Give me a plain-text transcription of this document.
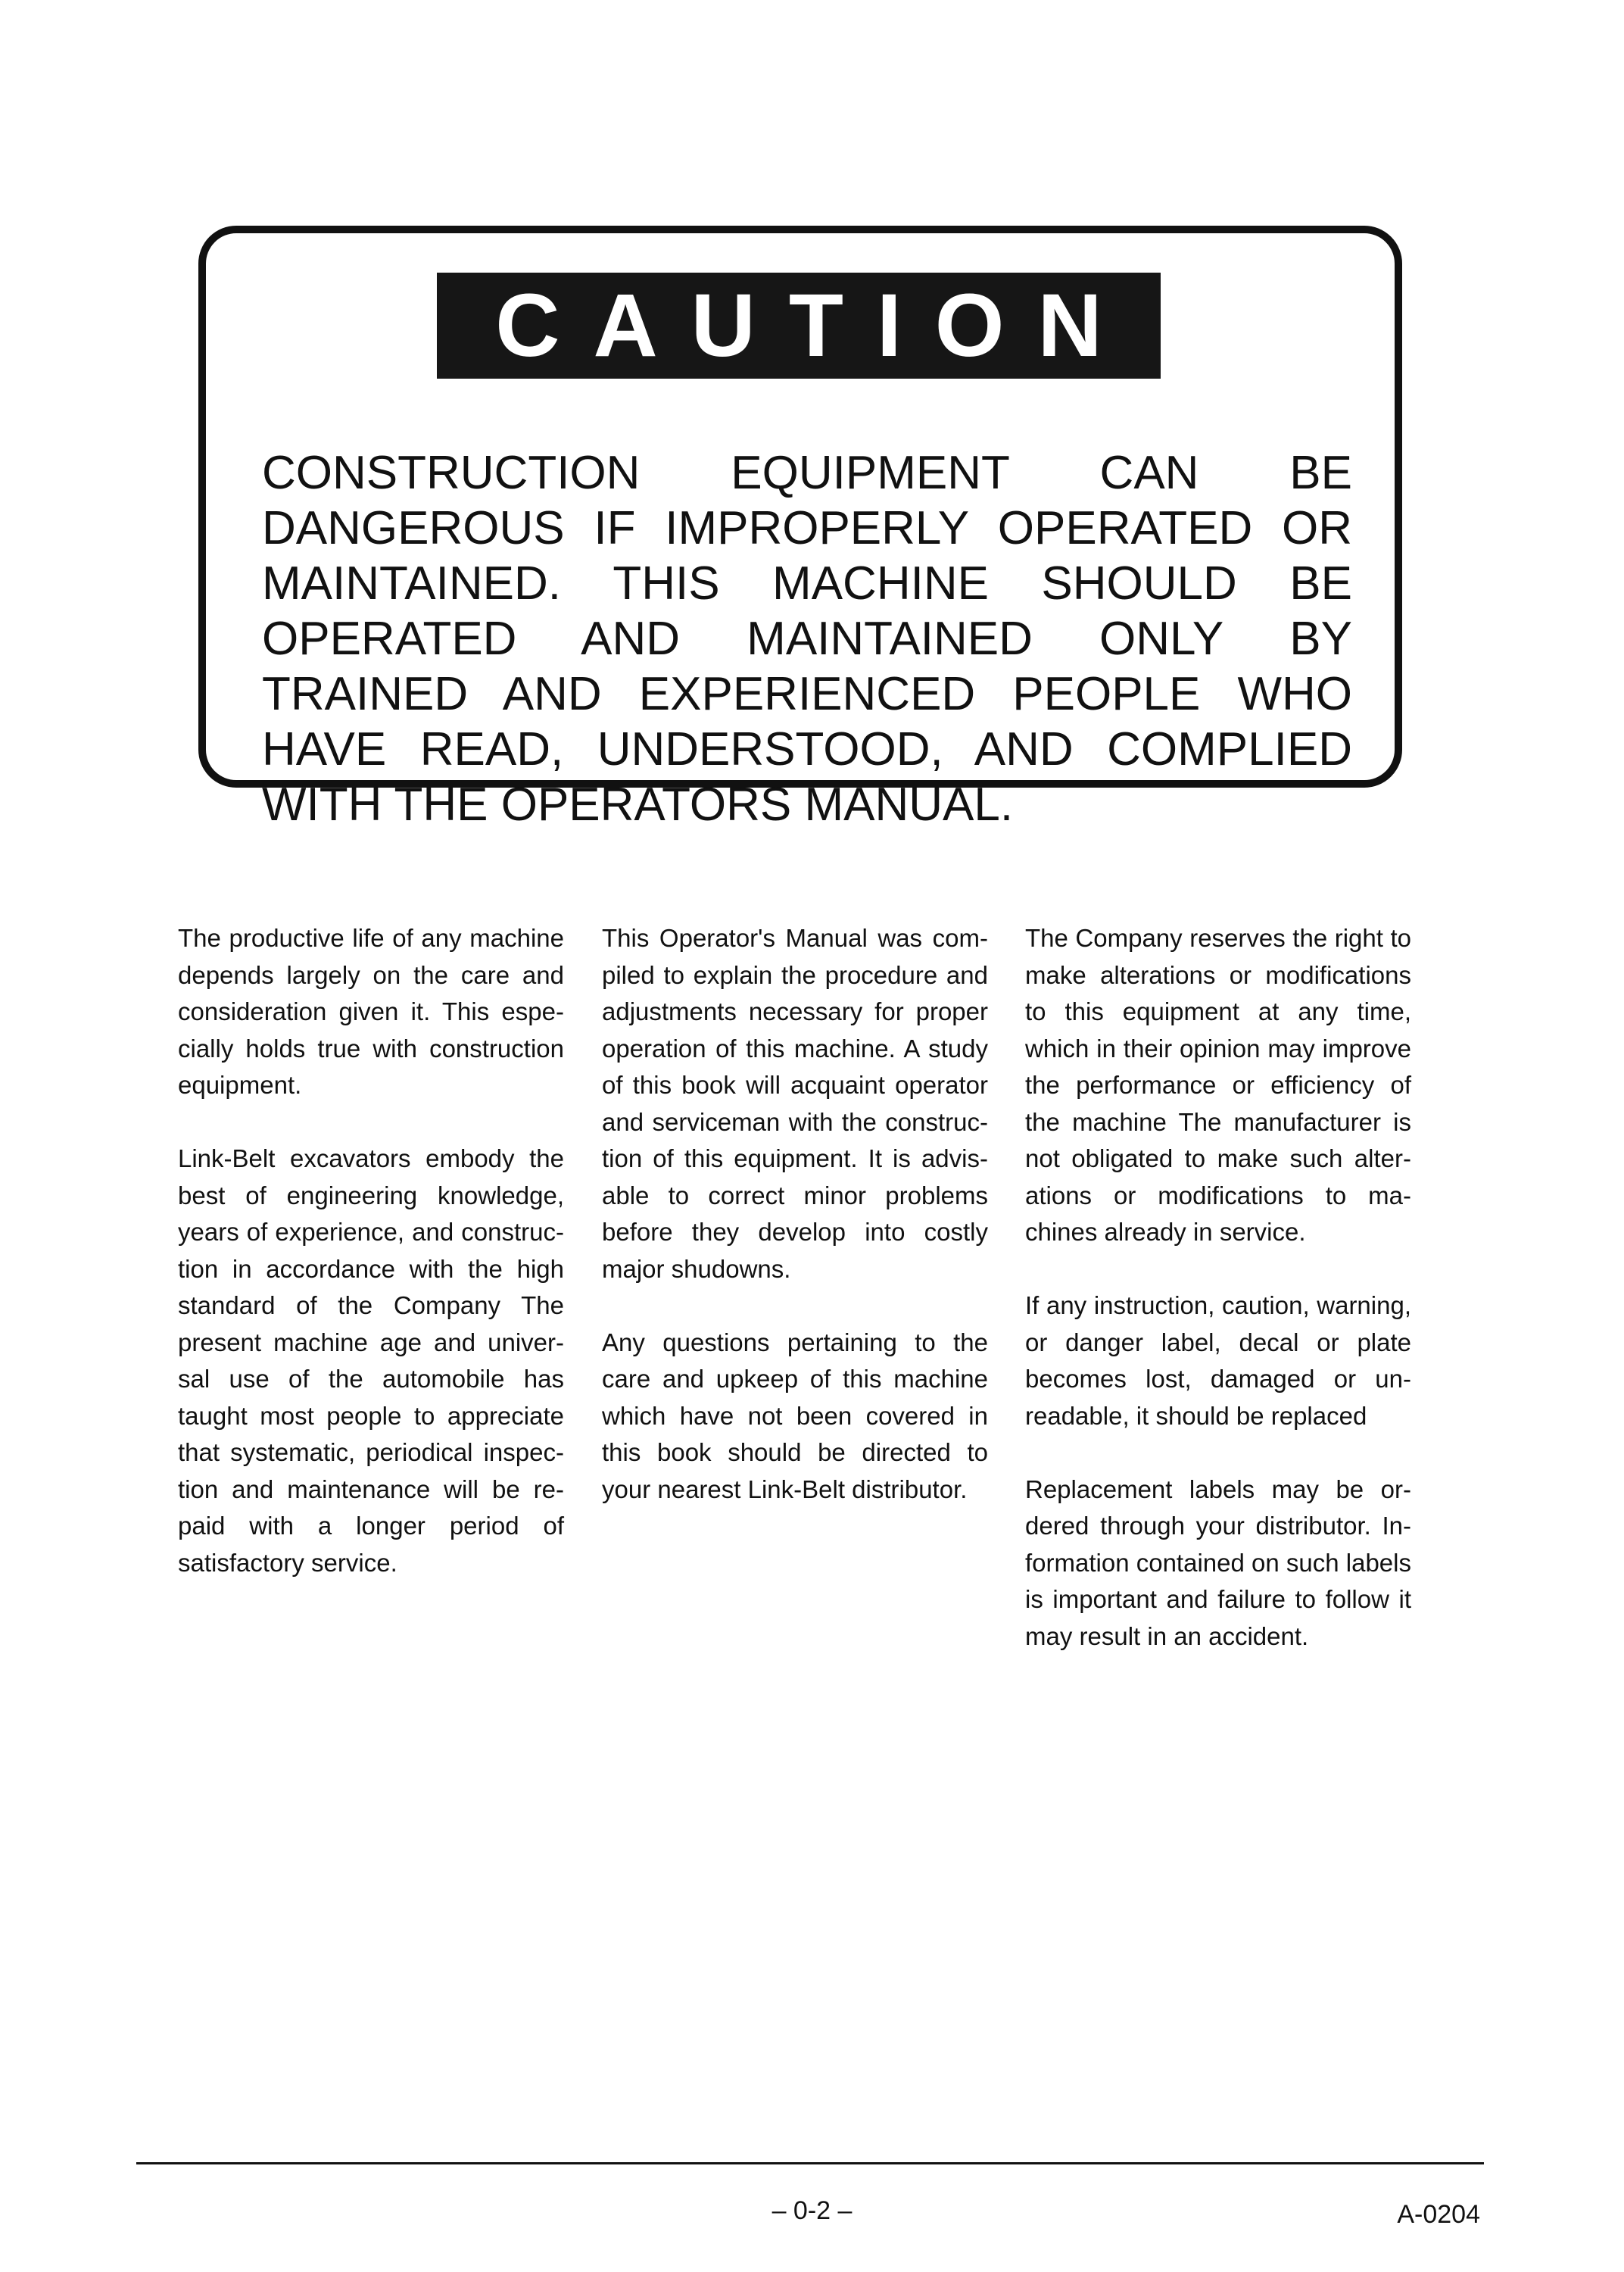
CAUTION

CONSTRUCTION EQUIPMENT CAN BE DANGEROUS IF IMPROPERLY OPERATED OR MAINTAINED. THIS MACHINE SHOULD BE OPERATED AND MAINTAINED ONLY BY TRAINED AND EXPERIENCED PEOPLE WHO HAVE READ, UNDERSTOOD, AND COMPLIED WITH THE OPERATORS MANUAL.

The productive life of any machine depends largely on the care and consideration given it. This especially holds true with construction equipment.

Link-Belt excavators embody the best of engineering knowledge, years of experience, and construction in accordance with the high standard of the Company The present machine age and universal use of the automobile has taught most people to appreciate that systematic, periodical inspection and maintenance will be repaid with a longer period of satisfactory service.

This Operator's Manual was compiled to explain the procedure and adjustments necessary for proper operation of this machine. A study of this book will acquaint operator and serviceman with the construction of this equipment. It is advisable to correct minor problems before they develop into costly major shudowns.

Any questions pertaining to the care and upkeep of this machine which have not been covered in this book should be directed to your nearest Link-Belt distributor.

The Company reserves the right to make alterations or modifications to this equipment at any time, which in their opinion may improve the performance or efficiency of the machine The manufacturer is not obligated to make such alterations or modifications to machines already in service.

If any instruction, caution, warning, or danger label, decal or plate becomes lost, damaged or unreadable, it should be replaced

Replacement labels may be ordered through your distributor. Information contained on such labels is important and failure to follow it may result in an accident.

– 0-2 –	A-0204
